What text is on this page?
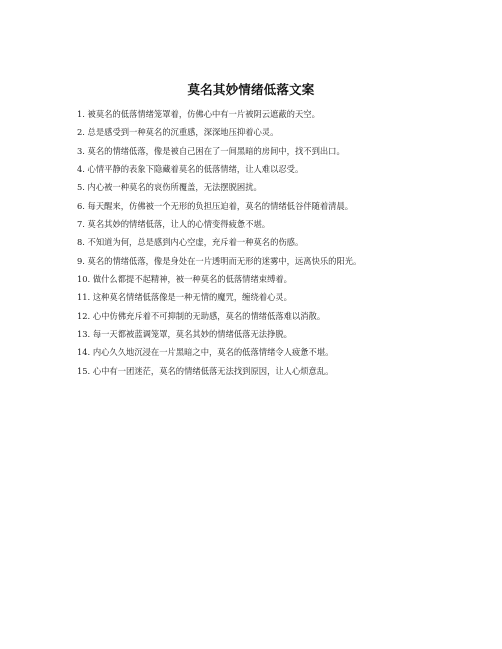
莫名其妙情绪低落文案
1. 被莫名的低落情绪笼罩着，仿佛心中有一片被阴云遮蔽的天空。
2. 总是感受到一种莫名的沉重感，深深地压抑着心灵。
3. 莫名的情绪低落，像是被自己困在了一间黑暗的房间中，找不到出口。
4. 心情平静的表象下隐藏着莫名的低落情绪，让人难以忍受。
5. 内心被一种莫名的哀伤所覆盖，无法摆脱困扰。
6. 每天醒来，仿佛被一个无形的负担压迫着，莫名的情绪低谷伴随着清晨。
7. 莫名其妙的情绪低落，让人的心情变得疲惫不堪。
8. 不知道为何，总是感到内心空虚，充斥着一种莫名的伤感。
9. 莫名的情绪低落，像是身处在一片透明而无形的迷雾中，远离快乐的阳光。
10. 做什么都提不起精神，被一种莫名的低落情绪束缚着。
11. 这种莫名情绪低落像是一种无情的魔咒，缠绕着心灵。
12. 心中仿佛充斥着不可抑制的无助感，莫名的情绪低落难以消散。
13. 每一天都被蓝调笼罩，莫名其妙的情绪低落无法挣脱。
14. 内心久久地沉浸在一片黑暗之中，莫名的低落情绪令人疲惫不堪。
15. 心中有一团迷茫，莫名的情绪低落无法找到原因，让人心烦意乱。
